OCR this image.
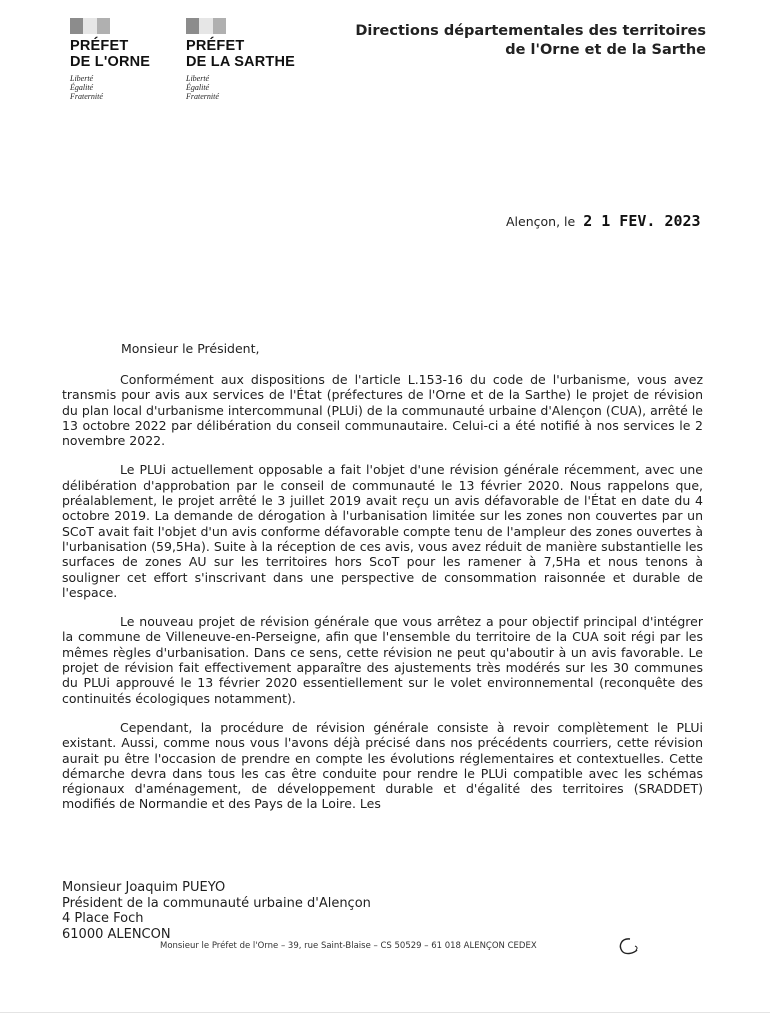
PRÉFET
DE L'ORNE
Liberté
Égalité
Fraternité
PRÉFET
DE LA SARTHE
Liberté
Égalité
Fraternité
Directions départementales des territoires
de l'Orne et de la Sarthe
Alençon, le 2 1 FEV. 2023
Monsieur le Président,

Conformément aux dispositions de l'article L.153-16 du code de l'urbanisme, vous avez transmis pour avis aux services de l'État (préfectures de l'Orne et de la Sarthe) le projet de révision du plan local d'urbanisme intercommunal (PLUi) de la communauté urbaine d'Alençon (CUA), arrêté le 13 octobre 2022 par délibération du conseil communautaire. Celui-ci a été notifié à nos services le 2 novembre 2022.

Le PLUi actuellement opposable a fait l'objet d'une révision générale récemment, avec une délibération d'approbation par le conseil de communauté le 13 février 2020. Nous rappelons que, préalablement, le projet arrêté le 3 juillet 2019 avait reçu un avis défavorable de l'État en date du 4 octobre 2019. La demande de dérogation à l'urbanisation limitée sur les zones non couvertes par un SCoT avait fait l'objet d'un avis conforme défavorable compte tenu de l'ampleur des zones ouvertes à l'urbanisation (59,5Ha). Suite à la réception de ces avis, vous avez réduit de manière substantielle les surfaces de zones AU sur les territoires hors ScoT pour les ramener à 7,5Ha et nous tenons à souligner cet effort s'inscrivant dans une perspective de consommation raisonnée et durable de l'espace.

Le nouveau projet de révision générale que vous arrêtez a pour objectif principal d'intégrer la commune de Villeneuve-en-Perseigne, afin que l'ensemble du territoire de la CUA soit régi par les mêmes règles d'urbanisation. Dans ce sens, cette révision ne peut qu'aboutir à un avis favorable. Le projet de révision fait effectivement apparaître des ajustements très modérés sur les 30 communes du PLUi approuvé le 13 février 2020 essentiellement sur le volet environnemental (reconquête des continuités écologiques notamment).

Cependant, la procédure de révision générale consiste à revoir complètement le PLUi existant. Aussi, comme nous vous l'avons déjà précisé dans nos précédents courriers, cette révision aurait pu être l'occasion de prendre en compte les évolutions réglementaires et contextuelles. Cette démarche devra dans tous les cas être conduite pour rendre le PLUi compatible avec les schémas régionaux d'aménagement, de développement durable et d'égalité des territoires (SRADDET) modifiés de Normandie et des Pays de la Loire. Les

Monsieur Joaquim PUEYO
Président de la communauté urbaine d'Alençon
4 Place Foch
61000 ALENCON
Monsieur le Préfet de l'Orne – 39, rue Saint-Blaise – CS 50529 – 61 018 ALENÇON CEDEX
